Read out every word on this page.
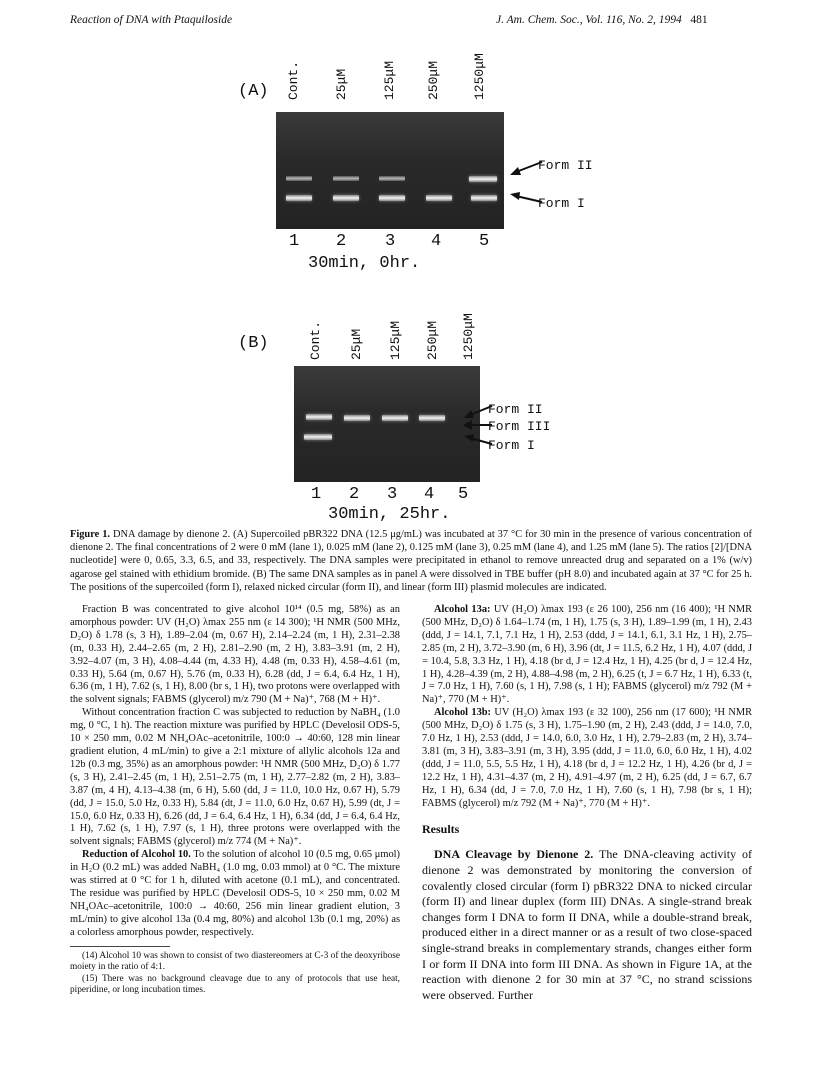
Reaction of DNA with Ptaquiloside	J. Am. Chem. Soc., Vol. 116, No. 2, 1994 481
(A) Cont.	25μM	125μM 250μM 1250μM
Form II
Form I
1 2 3 4 5
30min, 0hr.
(B)	Cont. 25μM 125μM 250μM 1250μM
Form II
Form III
Form I
1 2 3 4 5
30min, 25hr.
Figure 1. DNA damage by dienone 2. (A) Supercoiled pBR322 DNA (12.5 μg/mL) was incubated at 37 °C for 30 min in the presence of various concentration of dienone 2. The final concentrations of 2 were 0 mM (lane 1), 0.025 mM (lane 2), 0.125 mM (lane 3), 0.25 mM (lane 4), and 1.25 mM (lane 5). The ratios [2]/[DNA nucleotide] were 0, 0.65, 3.3, 6.5, and 33, respectively. The DNA samples were precipitated in ethanol to remove unreacted drug and separated on a 1% (w/v) agarose gel stained with ethidium bromide. (B) The same DNA samples as in panel A were dissolved in TBE buffer (pH 8.0) and incubated again at 37 °C for 25 h. The positions of the supercoiled (form I), relaxed nicked circular (form II), and linear (form III) plasmid molecules are indicated.

Fraction B was concentrated to give alcohol 10¹⁴ (0.5 mg, 58%) as an amorphous powder: UV (H₂O) λmax 255 nm (ε 14 300); ¹H NMR (500 MHz, D₂O) δ 1.78 (s, 3 H), 1.89–2.04 (m, 0.67 H), 2.14–2.24 (m, 1 H), 2.31–2.38 (m, 0.33 H), 2.44–2.65 (m, 2 H), 2.81–2.90 (m, 2 H), 3.83–3.91 (m, 2 H), 3.92–4.07 (m, 3 H), 4.08–4.44 (m, 4.33 H), 4.48 (m, 0.33 H), 4.58–4.61 (m, 0.33 H), 5.64 (m, 0.67 H), 5.76 (m, 0.33 H), 6.28 (dd, J = 6.4, 6.4 Hz, 1 H), 6.36 (m, 1 H), 7.62 (s, 1 H), 8.00 (br s, 1 H), two protons were overlapped with the solvent signals; FABMS (glycerol) m/z 790 (M + Na)⁺, 768 (M + H)⁺.

Without concentration fraction C was subjected to reduction by NaBH₄ (1.0 mg, 0 °C, 1 h). The reaction mixture was purified by HPLC (Develosil ODS-5, 10 × 250 mm, 0.02 M NH₄OAc–acetonitrile, 100:0 → 40:60, 128 min linear gradient elution, 4 mL/min) to give a 2:1 mixture of allylic alcohols 12a and 12b (0.3 mg, 35%) as an amorphous powder: ¹H NMR (500 MHz, D₂O) δ 1.77 (s, 3 H), 2.41–2.45 (m, 1 H), 2.51–2.75 (m, 1 H), 2.77–2.82 (m, 2 H), 3.83–3.87 (m, 4 H), 4.13–4.38 (m, 6 H), 5.60 (dd, J = 11.0, 10.0 Hz, 0.67 H), 5.79 (dd, J = 15.0, 5.0 Hz, 0.33 H), 5.84 (dt, J = 11.0, 6.0 Hz, 0.67 H), 5.99 (dt, J = 15.0, 6.0 Hz, 0.33 H), 6.26 (dd, J = 6.4, 6.4 Hz, 1 H), 6.34 (dd, J = 6.4, 6.4 Hz, 1 H), 7.62 (s, 1 H), 7.97 (s, 1 H), three protons were overlapped with the solvent signals; FABMS (glycerol) m/z 774 (M + Na)⁺.

Reduction of Alcohol 10. To the solution of alcohol 10 (0.5 mg, 0.65 μmol) in H₂O (0.2 mL) was added NaBH₄ (1.0 mg, 0.03 mmol) at 0 °C. The mixture was stirred at 0 °C for 1 h, diluted with acetone (0.1 mL), and concentrated. The residue was purified by HPLC (Develosil ODS-5, 10 × 250 mm, 0.02 M NH₄OAc–acetonitrile, 100:0 → 40:60, 256 min linear gradient elution, 3 mL/min) to give alcohol 13a (0.4 mg, 80%) and alcohol 13b (0.1 mg, 20%) as a colorless amorphous powder, respectively.

(14) Alcohol 10 was shown to consist of two diastereomers at C-3 of the deoxyribose moiety in the ratio of 4:1.

(15) There was no background cleavage due to any of protocols that use heat, piperidine, or long incubation times.

Alcohol 13a: UV (H₂O) λmax 193 (ε 26 100), 256 nm (16 400); ¹H NMR (500 MHz, D₂O) δ 1.64–1.74 (m, 1 H), 1.75 (s, 3 H), 1.89–1.99 (m, 1 H), 2.43 (ddd, J = 14.1, 7.1, 7.1 Hz, 1 H), 2.53 (ddd, J = 14.1, 6.1, 3.1 Hz, 1 H), 2.75–2.85 (m, 2 H), 3.72–3.90 (m, 6 H), 3.96 (dt, J = 11.5, 6.2 Hz, 1 H), 4.07 (ddd, J = 10.4, 5.8, 3.3 Hz, 1 H), 4.18 (br d, J = 12.4 Hz, 1 H), 4.25 (br d, J = 12.4 Hz, 1 H), 4.28–4.39 (m, 2 H), 4.88–4.98 (m, 2 H), 6.25 (t, J = 6.7 Hz, 1 H), 6.33 (t, J = 7.0 Hz, 1 H), 7.60 (s, 1 H), 7.98 (s, 1 H); FABMS (glycerol) m/z 792 (M + Na)⁺, 770 (M + H)⁺.

Alcohol 13b: UV (H₂O) λmax 193 (ε 32 100), 256 nm (17 600); ¹H NMR (500 MHz, D₂O) δ 1.75 (s, 3 H), 1.75–1.90 (m, 2 H), 2.43 (ddd, J = 14.0, 7.0, 7.0 Hz, 1 H), 2.53 (ddd, J = 14.0, 6.0, 3.0 Hz, 1 H), 2.79–2.83 (m, 2 H), 3.74–3.81 (m, 3 H), 3.83–3.91 (m, 3 H), 3.95 (ddd, J = 11.0, 6.0, 6.0 Hz, 1 H), 4.02 (ddd, J = 11.0, 5.5, 5.5 Hz, 1 H), 4.18 (br d, J = 12.2 Hz, 1 H), 4.26 (br d, J = 12.2 Hz, 1 H), 4.31–4.37 (m, 2 H), 4.91–4.97 (m, 2 H), 6.25 (dd, J = 6.7, 6.7 Hz, 1 H), 6.34 (dd, J = 7.0, 7.0 Hz, 1 H), 7.60 (s, 1 H), 7.98 (br s, 1 H); FABMS (glycerol) m/z 792 (M + Na)⁺, 770 (M + H)⁺.

Results

DNA Cleavage by Dienone 2. The DNA-cleaving activity of dienone 2 was demonstrated by monitoring the conversion of covalently closed circular (form I) pBR322 DNA to nicked circular (form II) and linear duplex (form III) DNAs. A single-strand break changes form I DNA to form II DNA, while a double-strand break, produced either in a direct manner or as a result of two close-spaced single-strand breaks in complementary strands, changes either form I or form II DNA into form III DNA. As shown in Figure 1A, at the reaction with dienone 2 for 30 min at 37 °C, no strand scissions were observed. Further
